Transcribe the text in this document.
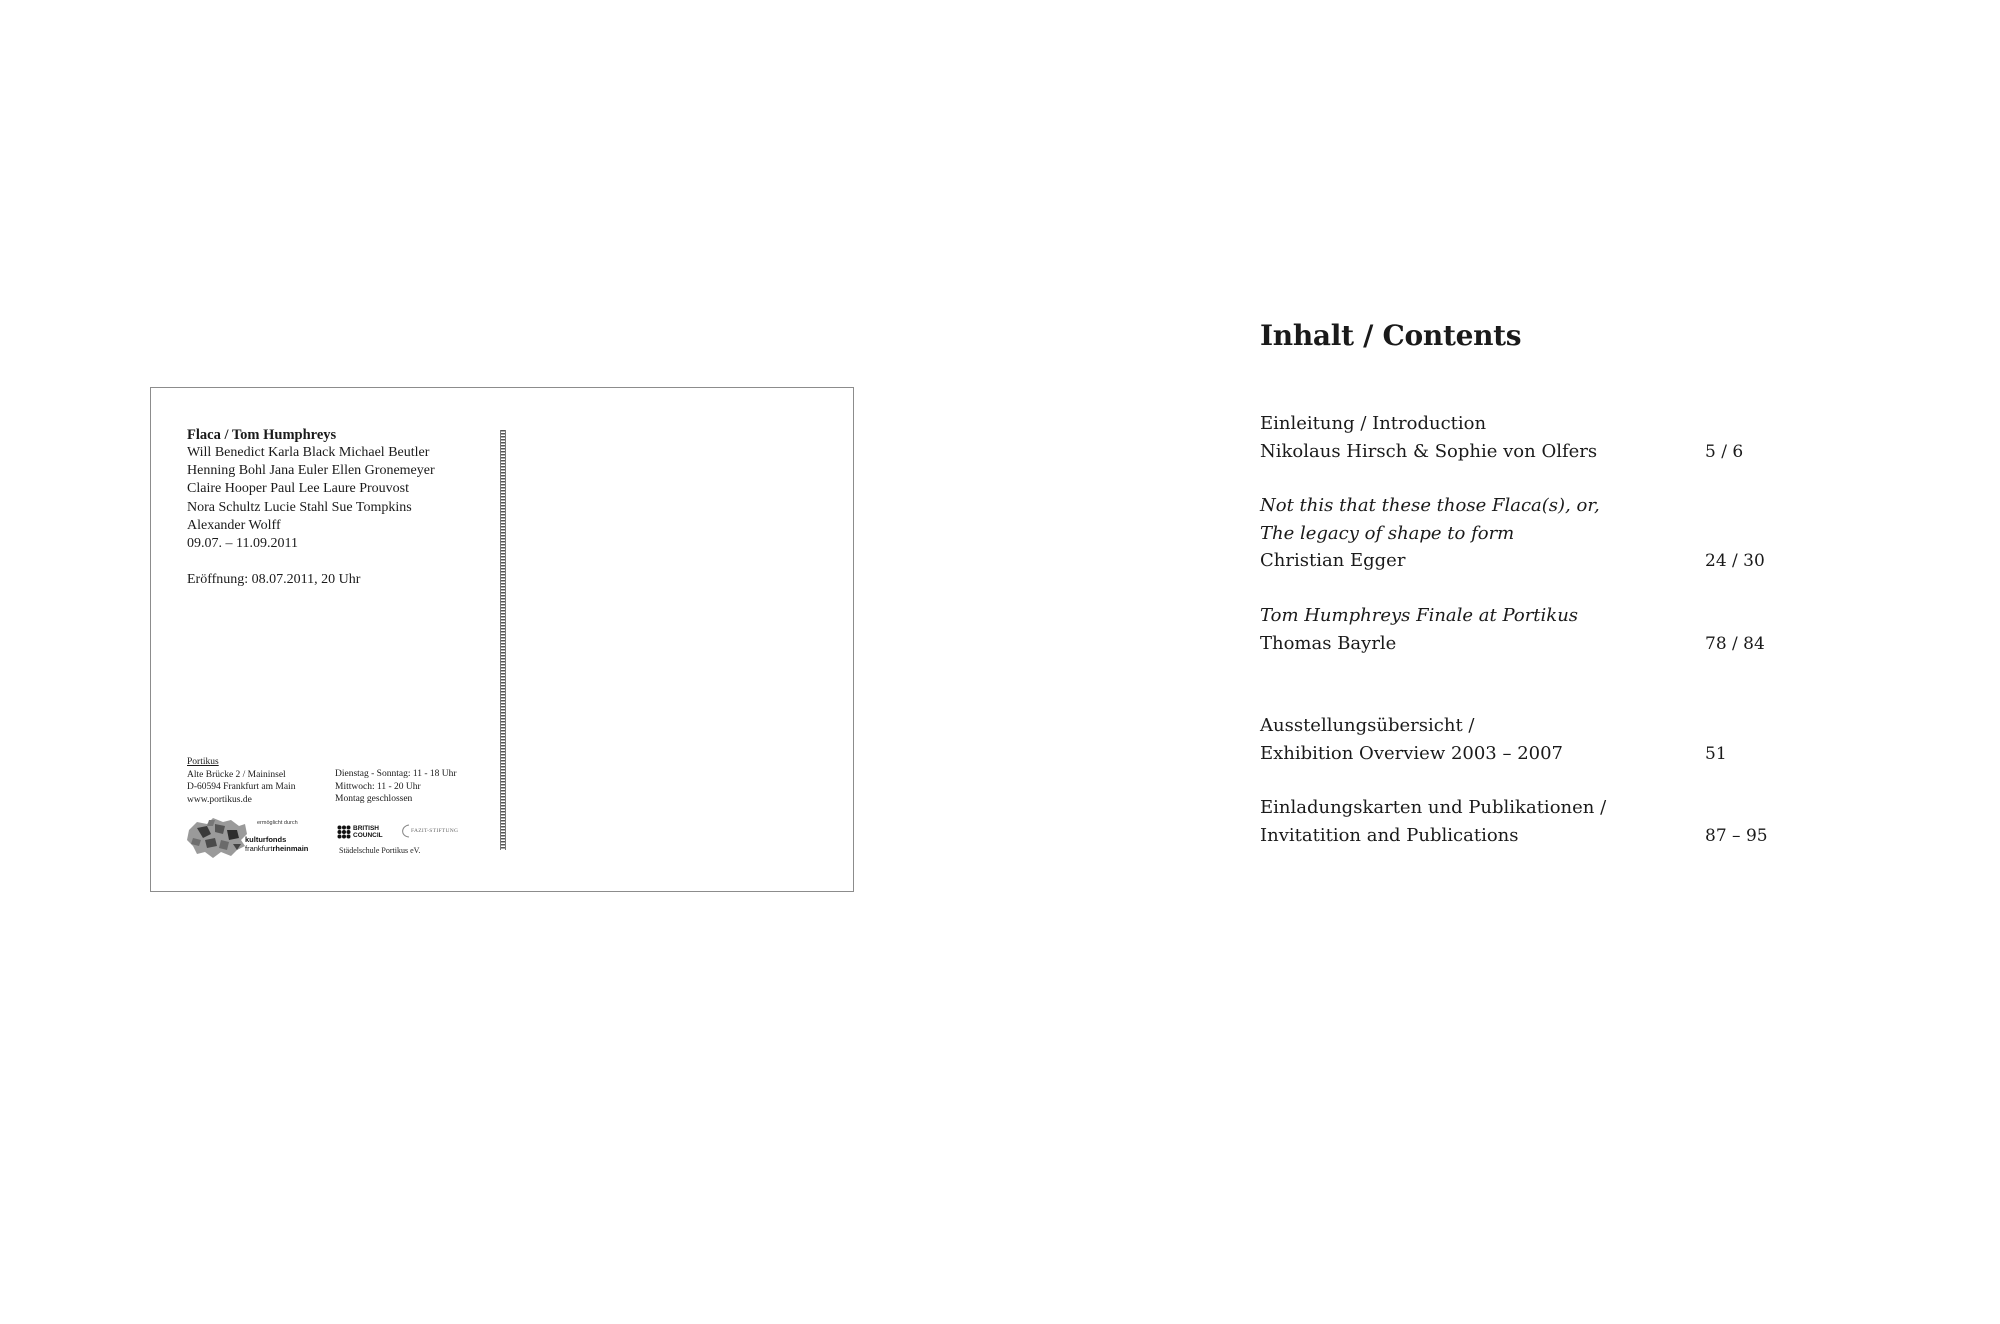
Flaca / Tom Humphreys

Will Benedict Karla Black Michael Beutler

Henning Bohl Jana Euler Ellen Gronemeyer

Claire Hooper Paul Lee Laure Prouvost

Nora Schultz Lucie Stahl Sue Tompkins

Alexander Wolff

09.07. – 11.09.2011

Eröffnung: 08.07.2011, 20 Uhr

Portikus
Alte Brücke 2 / Maininsel
D-60594 Frankfurt am Main
www.portikus.de
Dienstag - Sonntag: 11 - 18 Uhr
Mittwoch: 11 - 20 Uhr
Montag geschlossen
ermöglicht durch
kulturfonds
frankfurtrheinmain
BRITISH
COUNCIL
FAZIT-STIFTUNG
Städelschule Portikus eV.
Inhalt / Contents

Einleitung / Introduction

Nikolaus Hirsch & Sophie von Olfers	5 / 6

Not this that these those Flaca(s), or,

The legacy of shape to form

Christian Egger	24 / 30

Tom Humphreys Finale at Portikus

Thomas Bayrle	78 / 84

Ausstellungsübersicht /

Exhibition Overview 2003 – 2007	51

Einladungskarten und Publikationen /

Invitatition and Publications	87 – 95
